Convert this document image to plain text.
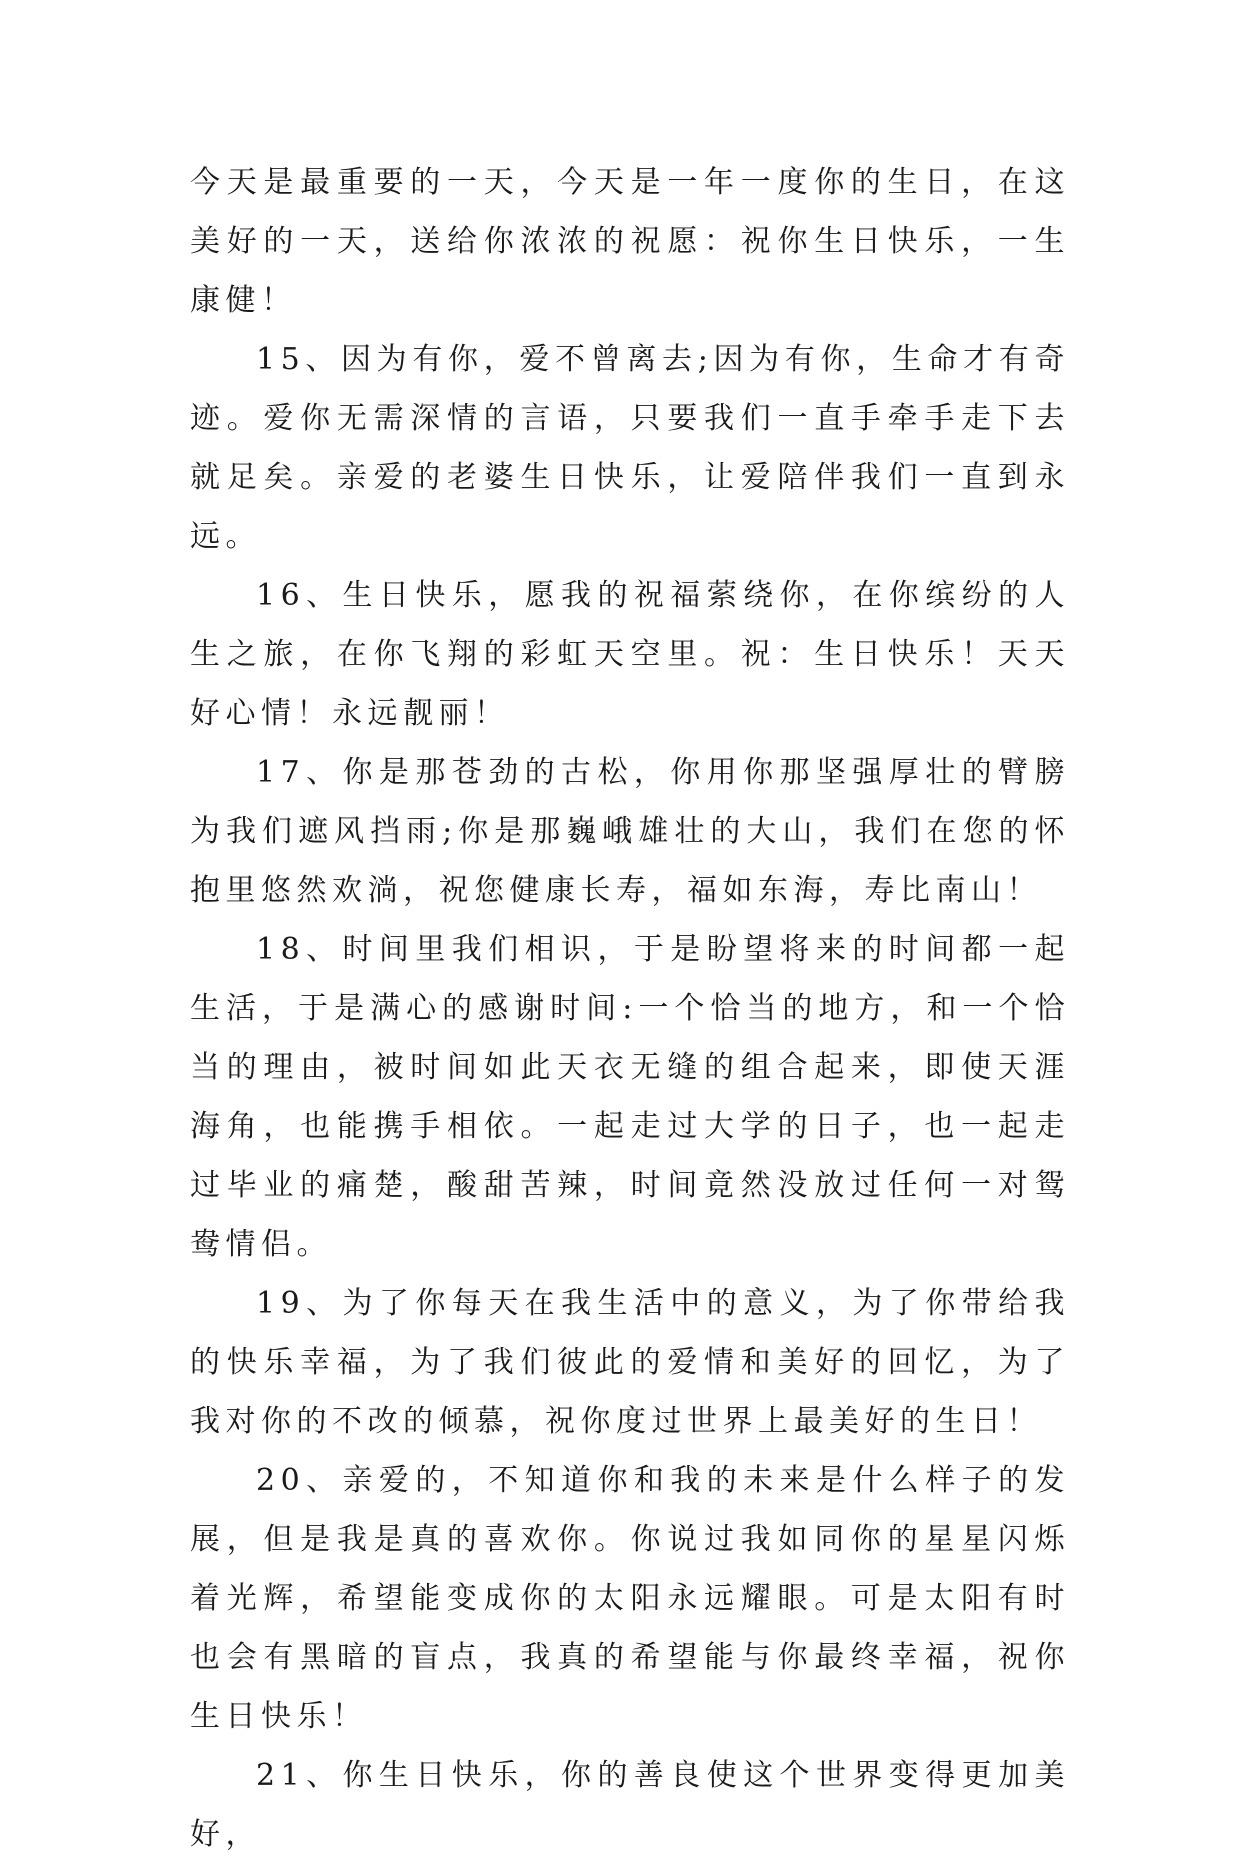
今天是最重要的一天，今天是一年一度你的生日，在这美好的一天，送给你浓浓的祝愿：祝你生日快乐，一生康健！

15、因为有你，爱不曾离去;因为有你，生命才有奇迹。爱你无需深情的言语，只要我们一直手牵手走下去就足矣。亲爱的老婆生日快乐，让爱陪伴我们一直到永远。

16、生日快乐，愿我的祝福萦绕你，在你缤纷的人生之旅，在你飞翔的彩虹天空里。祝：生日快乐！天天好心情！永远靓丽！

17、你是那苍劲的古松，你用你那坚强厚壮的臂膀为我们遮风挡雨;你是那巍峨雄壮的大山，我们在您的怀抱里悠然欢淌，祝您健康长寿，福如东海，寿比南山！

18、时间里我们相识，于是盼望将来的时间都一起生活，于是满心的感谢时间:一个恰当的地方，和一个恰当的理由，被时间如此天衣无缝的组合起来，即使天涯海角，也能携手相依。一起走过大学的日子，也一起走过毕业的痛楚，酸甜苦辣，时间竟然没放过任何一对鸳鸯情侣。

19、为了你每天在我生活中的意义，为了你带给我的快乐幸福，为了我们彼此的爱情和美好的回忆，为了我对你的不改的倾慕，祝你度过世界上最美好的生日！

20、亲爱的，不知道你和我的未来是什么样子的发展，但是我是真的喜欢你。你说过我如同你的星星闪烁着光辉，希望能变成你的太阳永远耀眼。可是太阳有时也会有黑暗的盲点，我真的希望能与你最终幸福，祝你生日快乐！

21、你生日快乐，你的善良使这个世界变得更加美好，
